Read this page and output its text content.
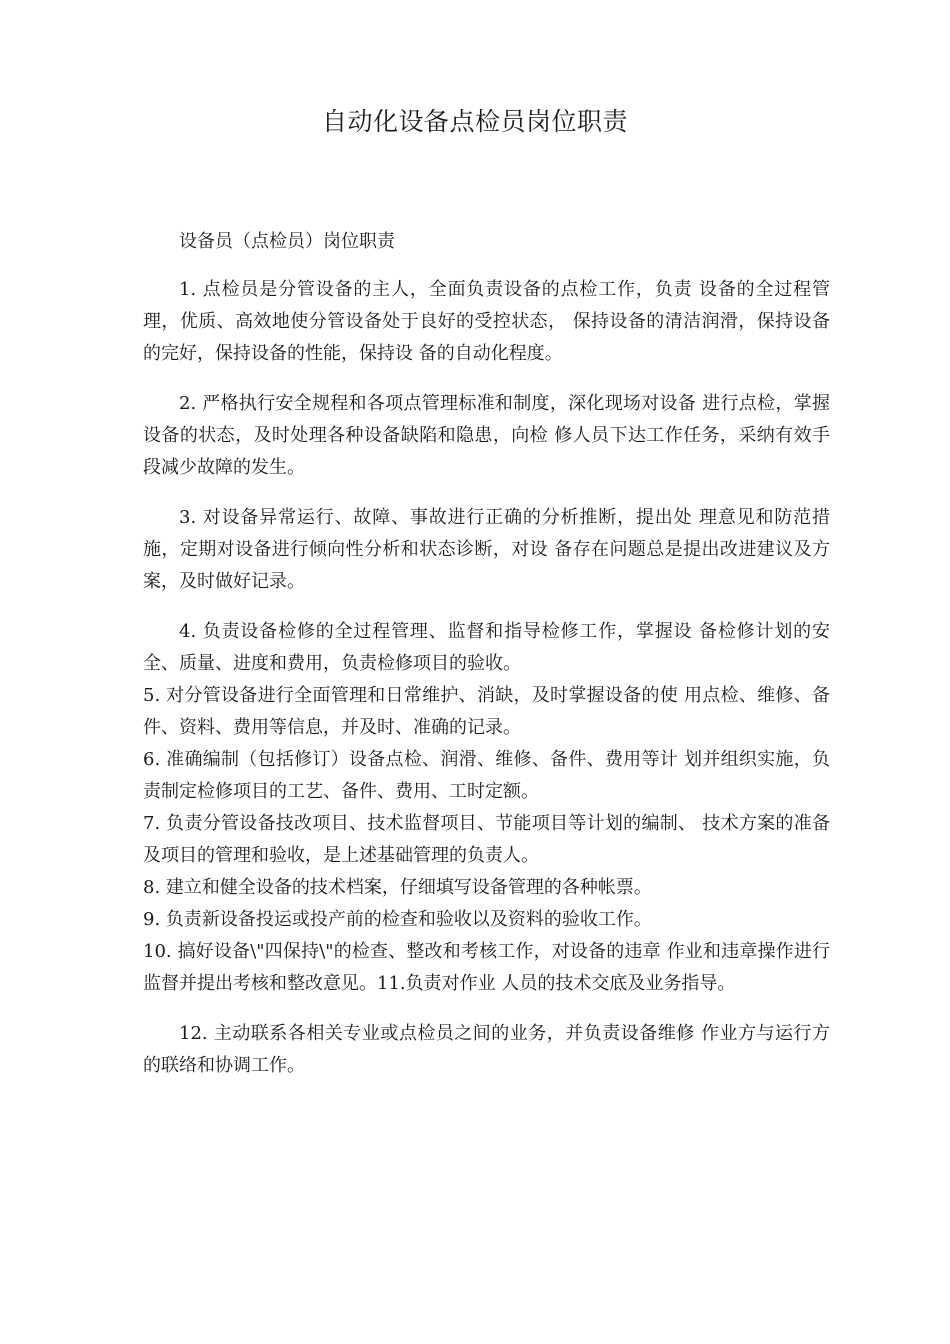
自动化设备点检员岗位职责

设备员（点检员）岗位职责

1. 点检员是分管设备的主人，全面负责设备的点检工作，负责 设备的全过程管理，优质、高效地使分管设备处于良好的受控状态， 保持设备的清洁润滑，保持设备的完好，保持设备的性能，保持设 备的自动化程度。

2. 严格执行安全规程和各项点管理标准和制度，深化现场对设备 进行点检，掌握设备的状态，及时处理各种设备缺陷和隐患，向检 修人员下达工作任务，采纳有效手段减少故障的发生。

3. 对设备异常运行、故障、事故进行正确的分析推断，提出处 理意见和防范措施，定期对设备进行倾向性分析和状态诊断，对设 备存在问题总是提出改进建议及方案，及时做好记录。

4. 负责设备检修的全过程管理、监督和指导检修工作，掌握设 备检修计划的安全、质量、进度和费用，负责检修项目的验收。

5. 对分管设备进行全面管理和日常维护、消缺，及时掌握设备的使 用点检、维修、备件、资料、费用等信息，并及时、准确的记录。

6. 准确编制（包括修订）设备点检、润滑、维修、备件、费用等计 划并组织实施，负责制定检修项目的工艺、备件、费用、工时定额。

7. 负责分管设备技改项目、技术监督项目、节能项目等计划的编制、 技术方案的准备及项目的管理和验收，是上述基础管理的负责人。

8. 建立和健全设备的技术档案，仔细填写设备管理的各种帐票。

9. 负责新设备投运或投产前的检查和验收以及资料的验收工作。

10. 搞好设备\"四保持\"的检查、整改和考核工作，对设备的违章 作业和违章操作进行监督并提出考核和整改意见。11.负责对作业 人员的技术交底及业务指导。

12. 主动联系各相关专业或点检员之间的业务，并负责设备维修 作业方与运行方的联络和协调工作。
